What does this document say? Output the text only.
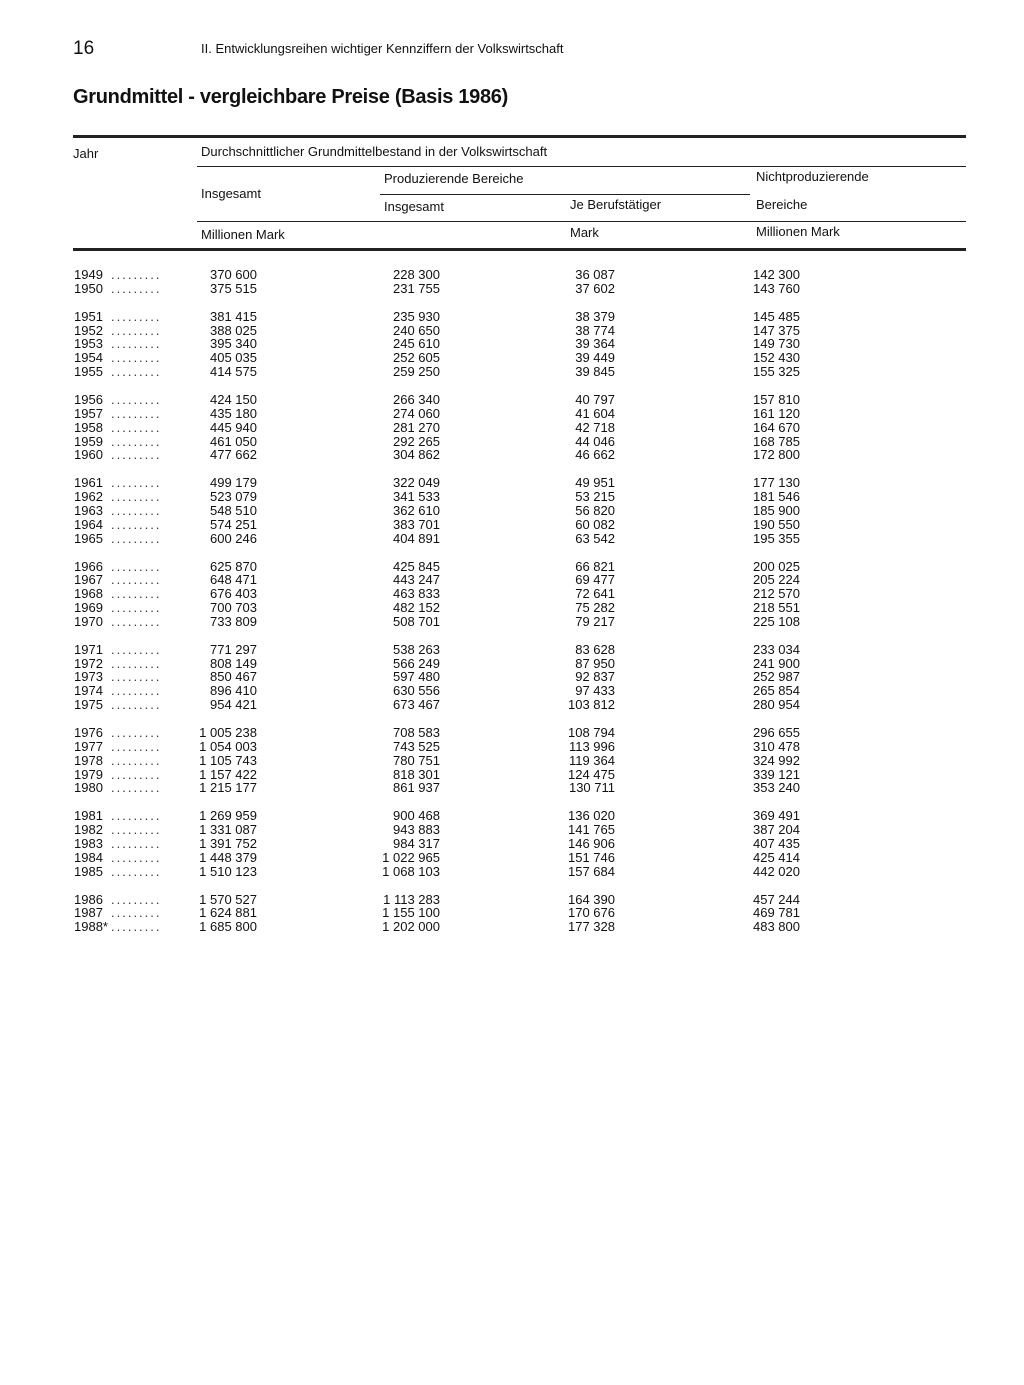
16	II. Entwicklungsreihen wichtiger Kennziffern der Volkswirtschaft
Grundmittel - vergleichbare Preise (Basis 1986)
Jahr	Durchschnittlicher Grundmittelbestand in der Volkswirtschaft
Insgesamt
Produzierende Bereiche
Insgesamt	Je Berufstätiger
Nichtproduzierende
Bereiche
Millionen Mark	Mark	Millionen Mark
1949 .........	370 600	228 300	36 087	142 300
1950 .........	375 515	231 755	37 602	143 760
1951 .........	381 415	235 930	38 379	145 485
1952 .........	388 025	240 650	38 774	147 375
1953 .........	395 340	245 610	39 364	149 730
1954 .........	405 035	252 605	39 449	152 430
1955 .........	414 575	259 250	39 845	155 325
1956 .........	424 150	266 340	40 797	157 810
1957 .........	435 180	274 060	41 604	161 120
1958 .........	445 940	281 270	42 718	164 670
1959 .........	461 050	292 265	44 046	168 785
1960 .........	477 662	304 862	46 662	172 800
1961 .........	499 179	322 049	49 951	177 130
1962 .........	523 079	341 533	53 215	181 546
1963 .........	548 510	362 610	56 820	185 900
1964 .........	574 251	383 701	60 082	190 550
1965 .........	600 246	404 891	63 542	195 355
1966 .........	625 870	425 845	66 821	200 025
1967 .........	648 471	443 247	69 477	205 224
1968 .........	676 403	463 833	72 641	212 570
1969 .........	700 703	482 152	75 282	218 551
1970 .........	733 809	508 701	79 217	225 108
1971 .........	771 297	538 263	83 628	233 034
1972 .........	808 149	566 249	87 950	241 900
1973 .........	850 467	597 480	92 837	252 987
1974 .........	896 410	630 556	97 433	265 854
1975 .........	954 421	673 467	103 812	280 954
1976 .........	1 005 238	708 583	108 794	296 655
1977 .........	1 054 003	743 525	113 996	310 478
1978 .........	1 105 743	780 751	119 364	324 992
1979 .........	1 157 422	818 301	124 475	339 121
1980 .........	1 215 177	861 937	130 711	353 240
1981 .........	1 269 959	900 468	136 020	369 491
1982 .........	1 331 087	943 883	141 765	387 204
1983 .........	1 391 752	984 317	146 906	407 435
1984 .........	1 448 379	1 022 965	151 746	425 414
1985 .........	1 510 123	1 068 103	157 684	442 020
1986 .........	1 570 527	1 113 283	164 390	457 244
1987 .........	1 624 881	1 155 100	170 676	469 781
1988* .........	1 685 800	1 202 000	177 328	483 800
